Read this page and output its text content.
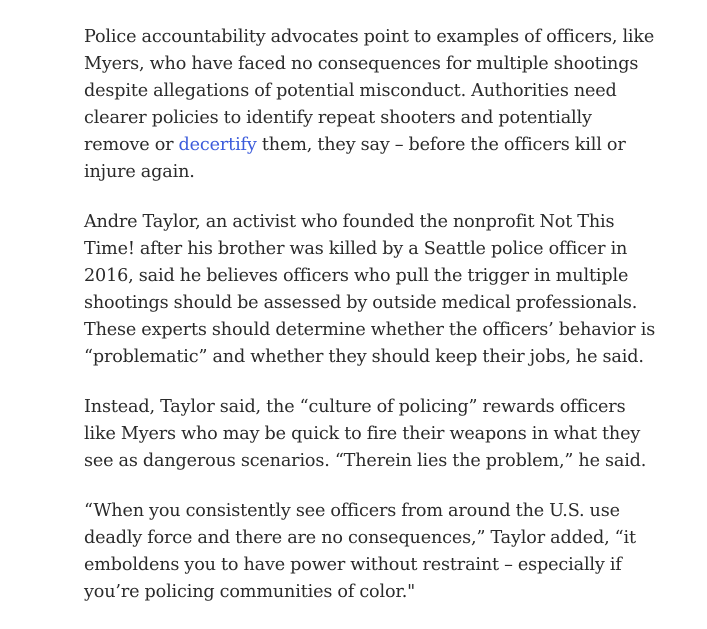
Police accountability advocates point to examples of officers, like Myers, who have faced no consequences for multiple shootings despite allegations of potential misconduct. Authorities need clearer policies to identify repeat shooters and potentially remove or decertify them, they say – before the officers kill or injure again.

Andre Taylor, an activist who founded the nonprofit Not This Time! after his brother was killed by a Seattle police officer in 2016, said he believes officers who pull the trigger in multiple shootings should be assessed by outside medical professionals. These experts should determine whether the officers’ behavior is “problematic” and whether they should keep their jobs, he said.

Instead, Taylor said, the “culture of policing” rewards officers like Myers who may be quick to fire their weapons in what they see as dangerous scenarios. “Therein lies the problem,” he said.

“When you consistently see officers from around the U.S. use deadly force and there are no consequences,” Taylor added, “it emboldens you to have power without restraint – especially if you’re policing communities of color."
